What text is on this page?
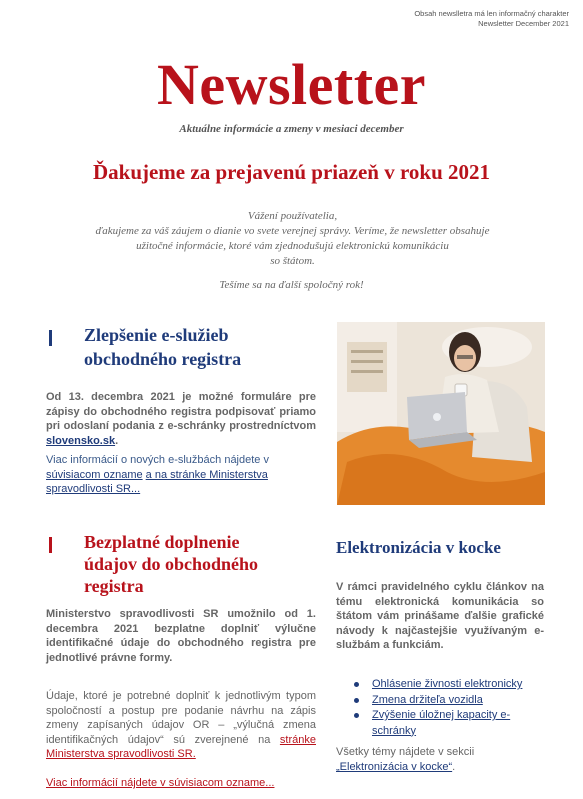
Obsah newslletra má len informačný charakter
Newsletter December 2021
Newsletter
Aktuálne informácie a zmeny v mesiaci december
Ďakujeme za prejavenú priazeň v roku 2021
Vážení používatelia,
ďakujeme za váš záujem o dianie vo svete verejnej správy. Veríme, že newsletter obsahuje
užitočné informácie, ktoré vám zjednodušujú elektronickú komunikáciu
so štátom.
Tešíme sa na ďalší spoločný rok!
Zlepšenie e-služieb
obchodného registra
Od 13. decembra 2021 je možné formuláre pre zápisy do obchodného registra podpisovať priamo pri odoslaní podania z e-schránky prostredníctvom slovensko.sk.
Viac informácií o nových e-službách nájdete v súvisiacom ozname a na stránke Ministerstva spravodlivosti SR...
Bezplatné doplnenie
údajov do obchodného
registra
Ministerstvo spravodlivosti SR umožnilo od 1. decembra 2021 bezplatne doplniť výlučne identifikačné údaje do obchodného registra pre jednotlivé právne formy.
Údaje, ktoré je potrebné doplniť k jednotlivým typom spoločností a postup pre podanie návrhu na zápis zmeny zapísaných údajov OR – „výlučná zmena identifikačných údajov“ sú zverejnené na stránke Ministerstva spravodlivosti SR.
Viac informácií nájdete v súvisiacom ozname...
Elektronizácia v kocke
V rámci pravidelného cyklu článkov na tému elektronická komunikácia so štátom vám prinášame ďalšie grafické návody k najčastejšie využívaným e-službám a funkciám.
Ohlásenie živnosti elektronicky
Zmena držiteľa vozidla
Zvýšenie úložnej kapacity e-schránky
Všetky témy nájdete v sekcii
„Elektronizácia v kocke“.
